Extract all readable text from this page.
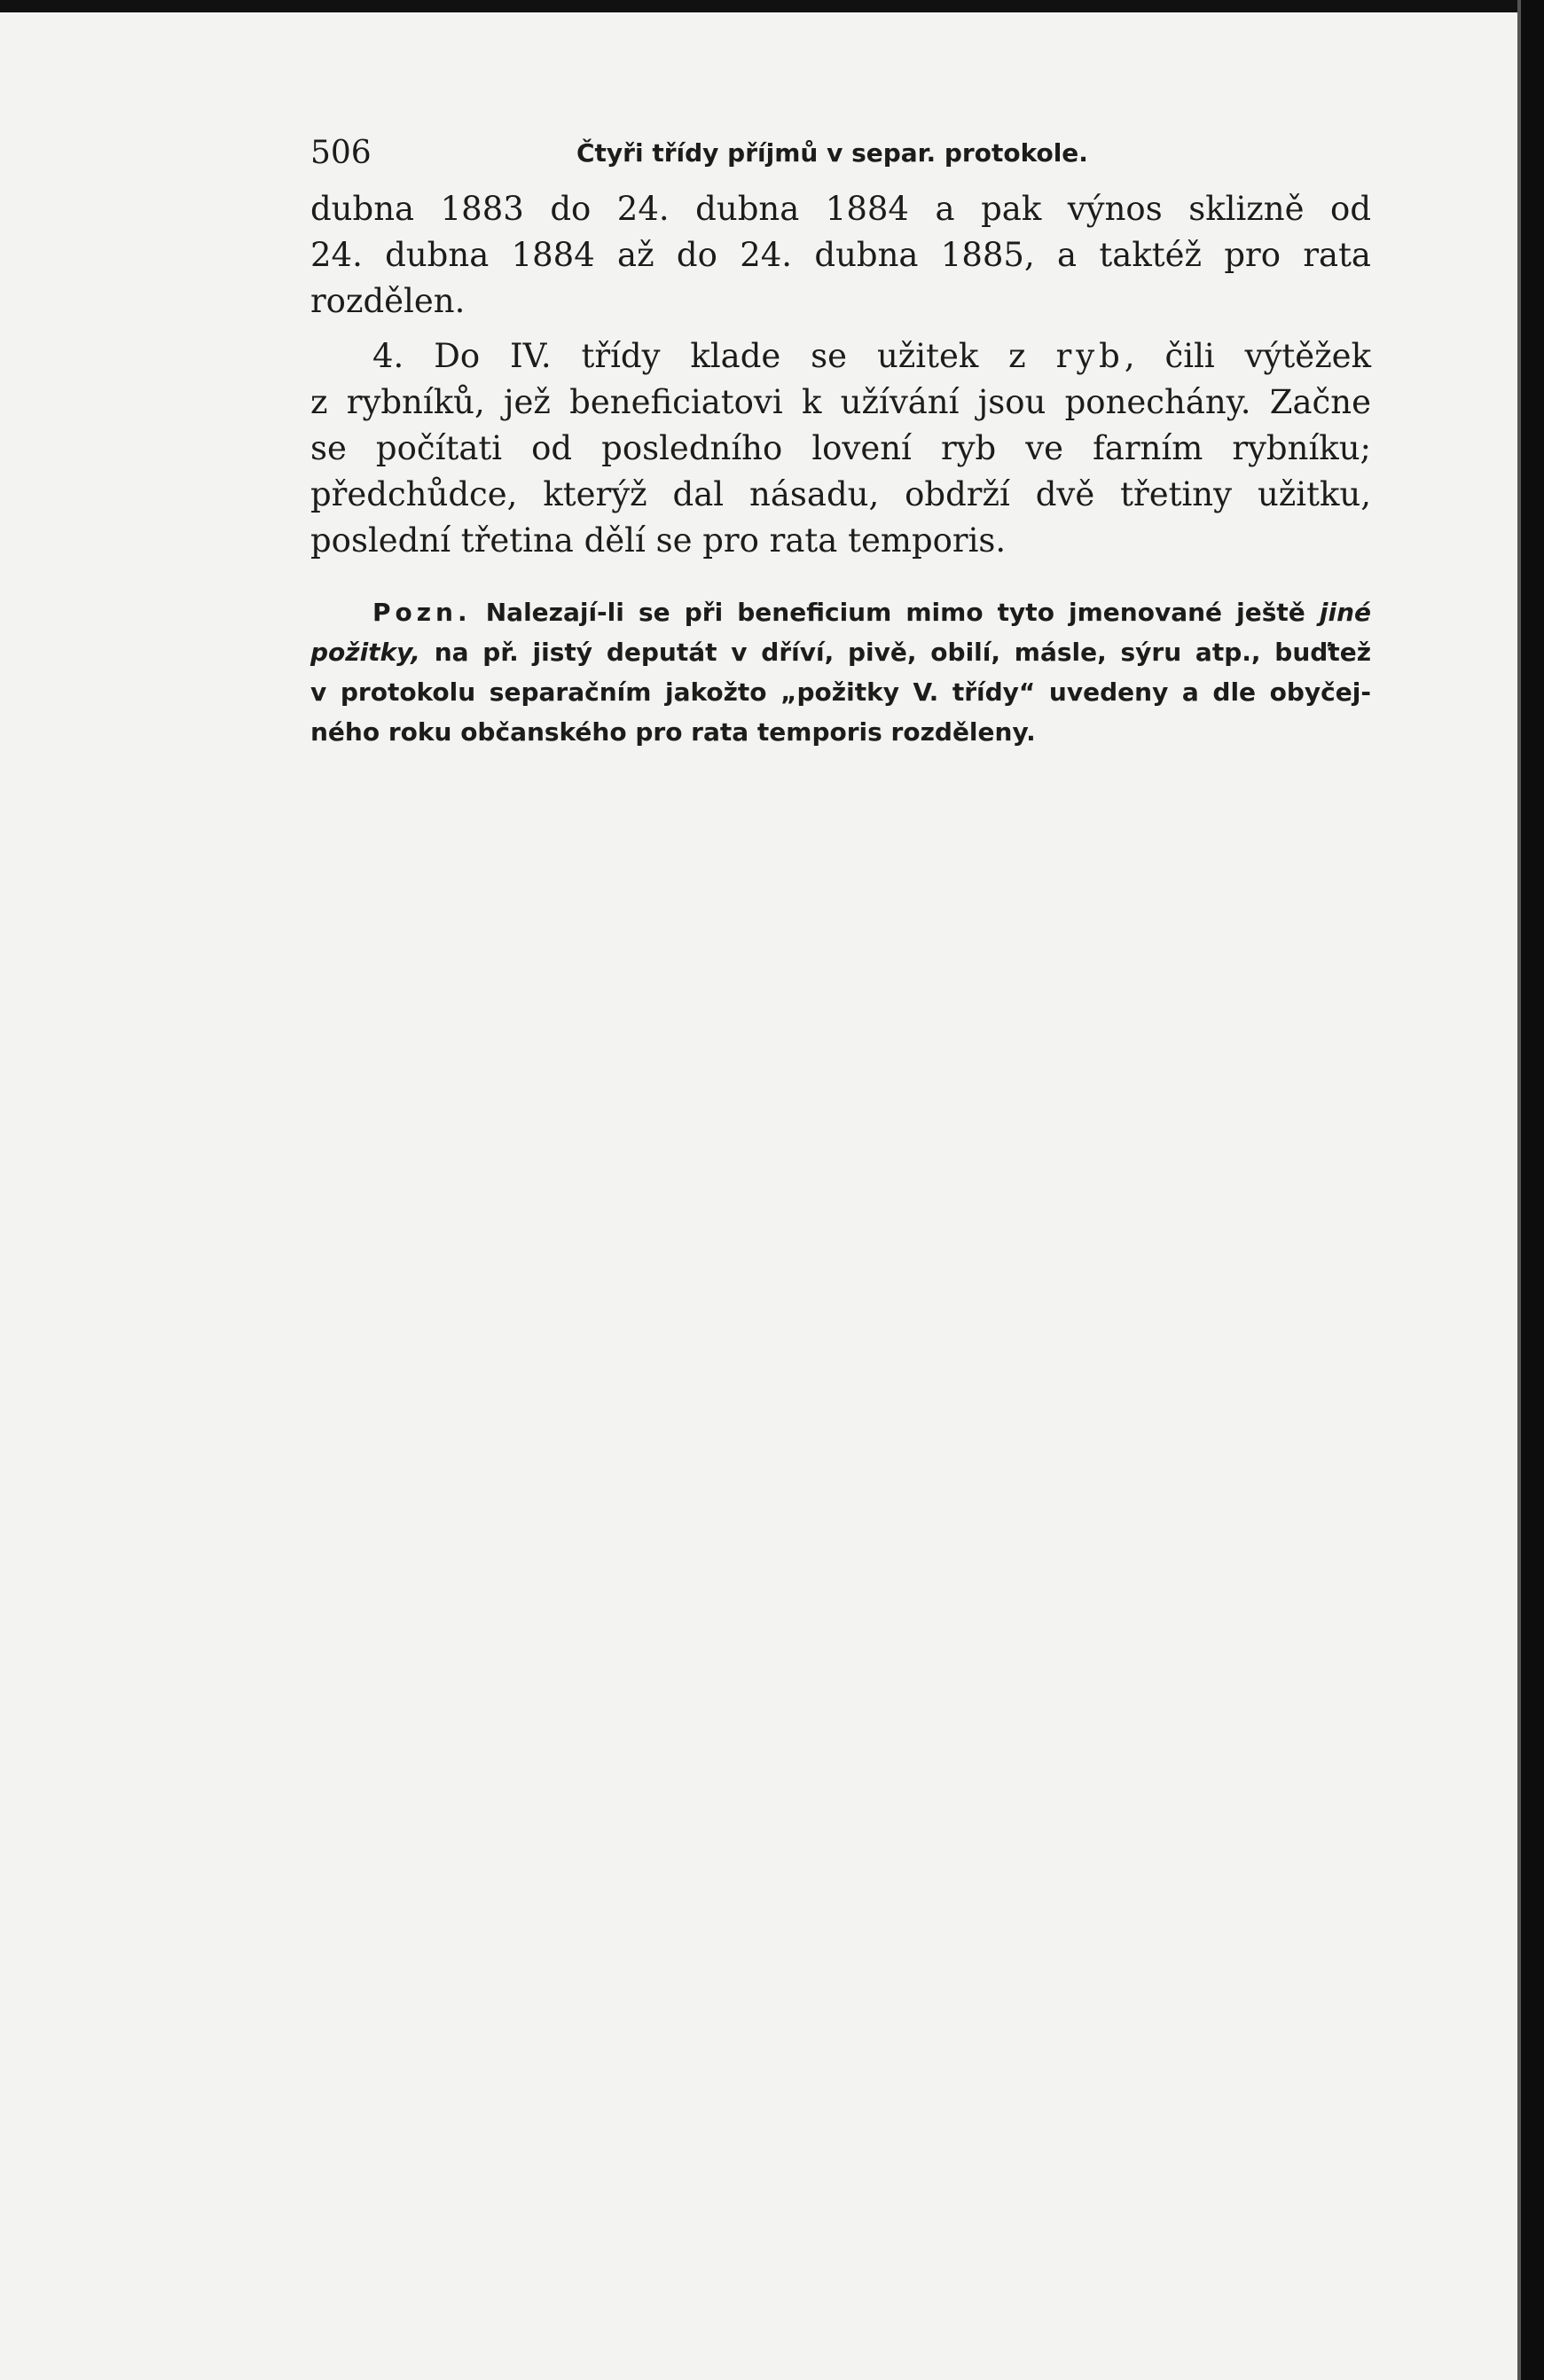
506	Čtyři třídy příjmů v separ. protokole.
dubna 1883 do 24. dubna 1884 a pak výnos sklizně od
24. dubna 1884 až do 24. dubna 1885, a taktéž pro rata
rozdělen.
4. Do IV. třídy klade se užitek z ryb, čili výtěžek
z rybníků, jež beneficiatovi k užívání jsou ponechány. Začne
se počítati od posledního lovení ryb ve farním rybníku;
předchůdce, kterýž dal násadu, obdrží dvě třetiny užitku,
poslední třetina dělí se pro rata temporis.
Pozn. Nalezají-li se při beneficium mimo tyto jmenované ještě jiné
požitky, na př. jistý deputát v dříví, pivě, obilí, másle, sýru atp., buďtež
v protokolu separačním jakožto „požitky V. třídy“ uvedeny a dle obyčej-
ného roku občanského pro rata temporis rozděleny.
